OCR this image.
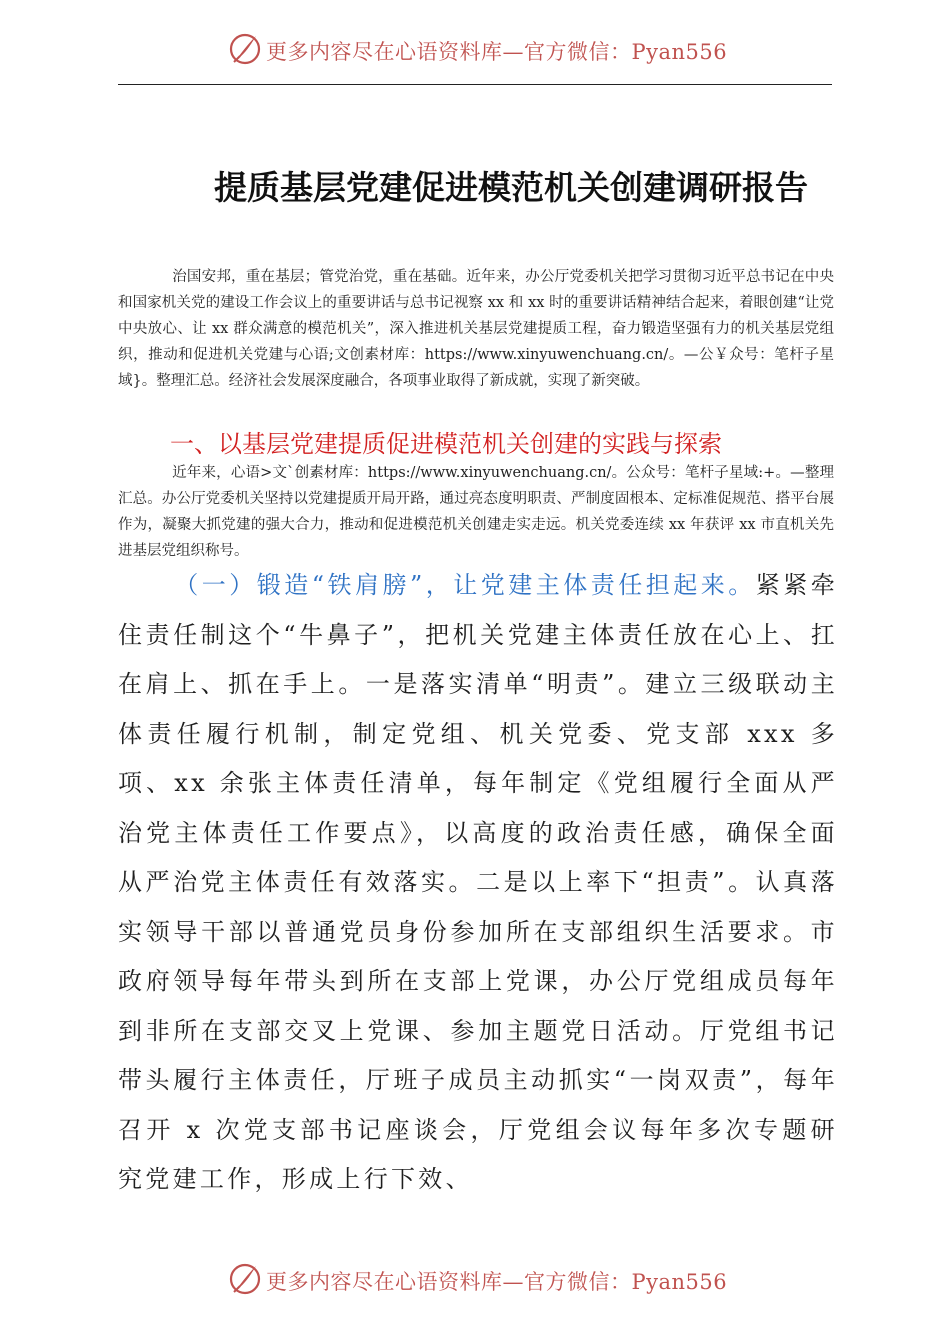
更多内容尽在心语资料库—官方微信：Pyan556
提质基层党建促进模范机关创建调研报告
治国安邦，重在基层；管党治党，重在基础。近年来，办公厅党委机关把学习贯彻习近平总书记在中央和国家机关党的建设工作会议上的重要讲话与总书记视察 xx 和 xx 时的重要讲话精神结合起来，着眼创建“让党中央放心、让 xx 群众满意的模范机关”，深入推进机关基层党建提质工程，奋力锻造坚强有力的机关基层党组织，推动和促进机关党建与心语;文创素材库：https://www.xinyuwenchuang.cn/。—公￥众号：笔杆子星域}。整理汇总。经济社会发展深度融合，各项事业取得了新成就，实现了新突破。
一、以基层党建提质促进模范机关创建的实践与探索
近年来，心语>文`创素材库：https://www.xinyuwenchuang.cn/。公众号：笔杆子星域:+。—整理汇总。办公厅党委机关坚持以党建提质开局开路，通过亮态度明职责、严制度固根本、定标准促规范、搭平台展作为，凝聚大抓党建的强大合力，推动和促进模范机关创建走实走远。机关党委连续 xx 年获评 xx 市直机关先进基层党组织称号。
（一）锻造“铁肩膀”，让党建主体责任担起来。紧紧牵住责任制这个“牛鼻子”，把机关党建主体责任放在心上、扛在肩上、抓在手上。一是落实清单“明责”。建立三级联动主体责任履行机制，制定党组、机关党委、党支部 xxx 多项、xx 余张主体责任清单，每年制定《党组履行全面从严治党主体责任工作要点》，以高度的政治责任感，确保全面从严治党主体责任有效落实。二是以上率下“担责”。认真落实领导干部以普通党员身份参加所在支部组织生活要求。市政府领导每年带头到所在支部上党课，办公厅党组成员每年到非所在支部交叉上党课、参加主题党日活动。厅党组书记带头履行主体责任，厅班子成员主动抓实“一岗双责”，每年召开 x 次党支部书记座谈会，厅党组会议每年多次专题研究党建工作，形成上行下效、
更多内容尽在心语资料库—官方微信：Pyan556
